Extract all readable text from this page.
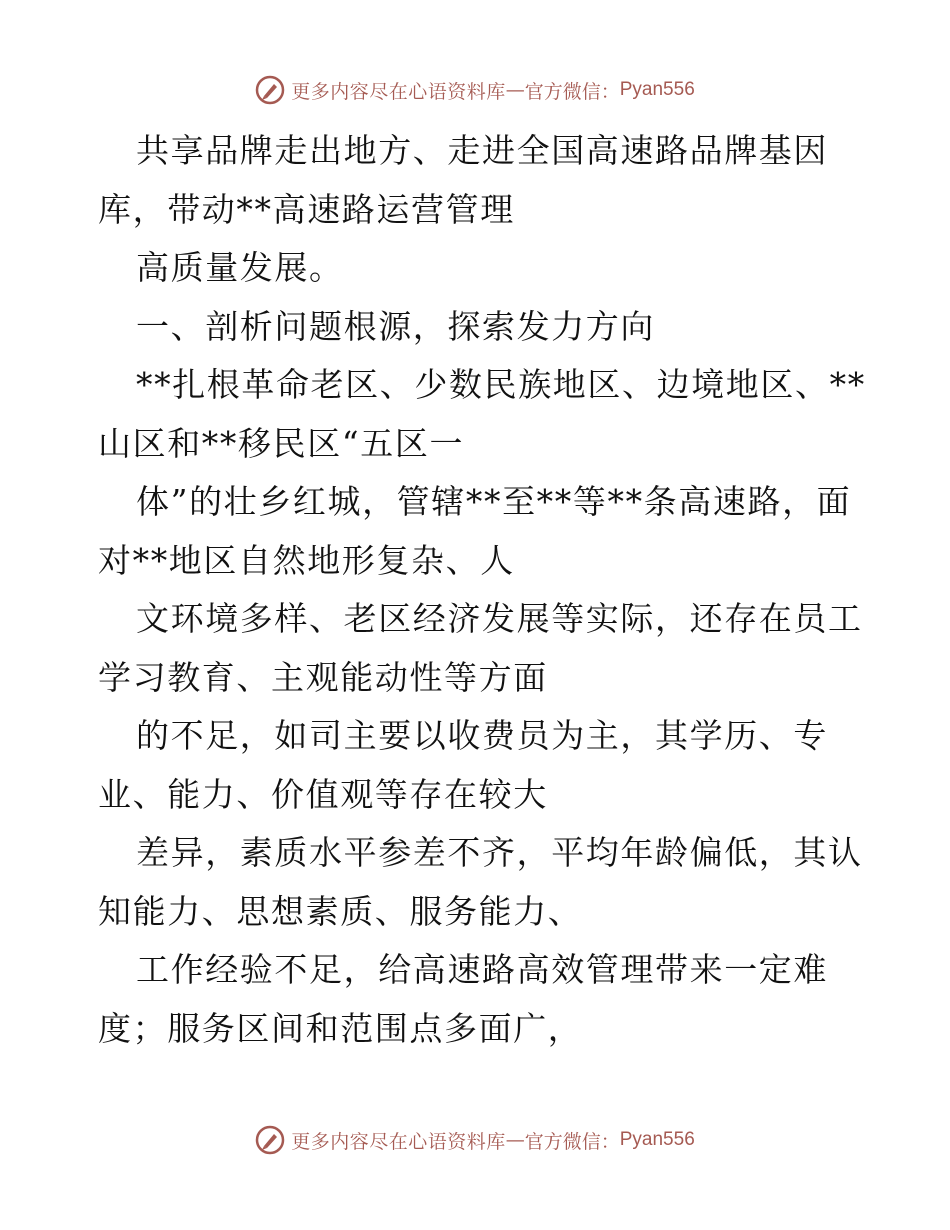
更多内容尽在心语资料库 — 官方微信： Pyan556
共享品牌走出地方、走进全国高速路品牌基因
库，带动**高速路运营管理
高质量发展。
一、剖析问题根源，探索发力方向
**扎根革命老区、少数民族地区、边境地区、**
山区和**移民区“五区一
体”的壮乡红城，管辖**至**等**条高速路，面
对**地区自然地形复杂、人
文环境多样、老区经济发展等实际，还存在员工
学习教育、主观能动性等方面
的不足，如司主要以收费员为主，其学历、专
业、能力、价值观等存在较大
差异，素质水平参差不齐，平均年龄偏低，其认
知能力、思想素质、服务能力、
工作经验不足，给高速路高效管理带来一定难
度；服务区间和范围点多面广，
更多内容尽在心语资料库 — 官方微信： Pyan556
